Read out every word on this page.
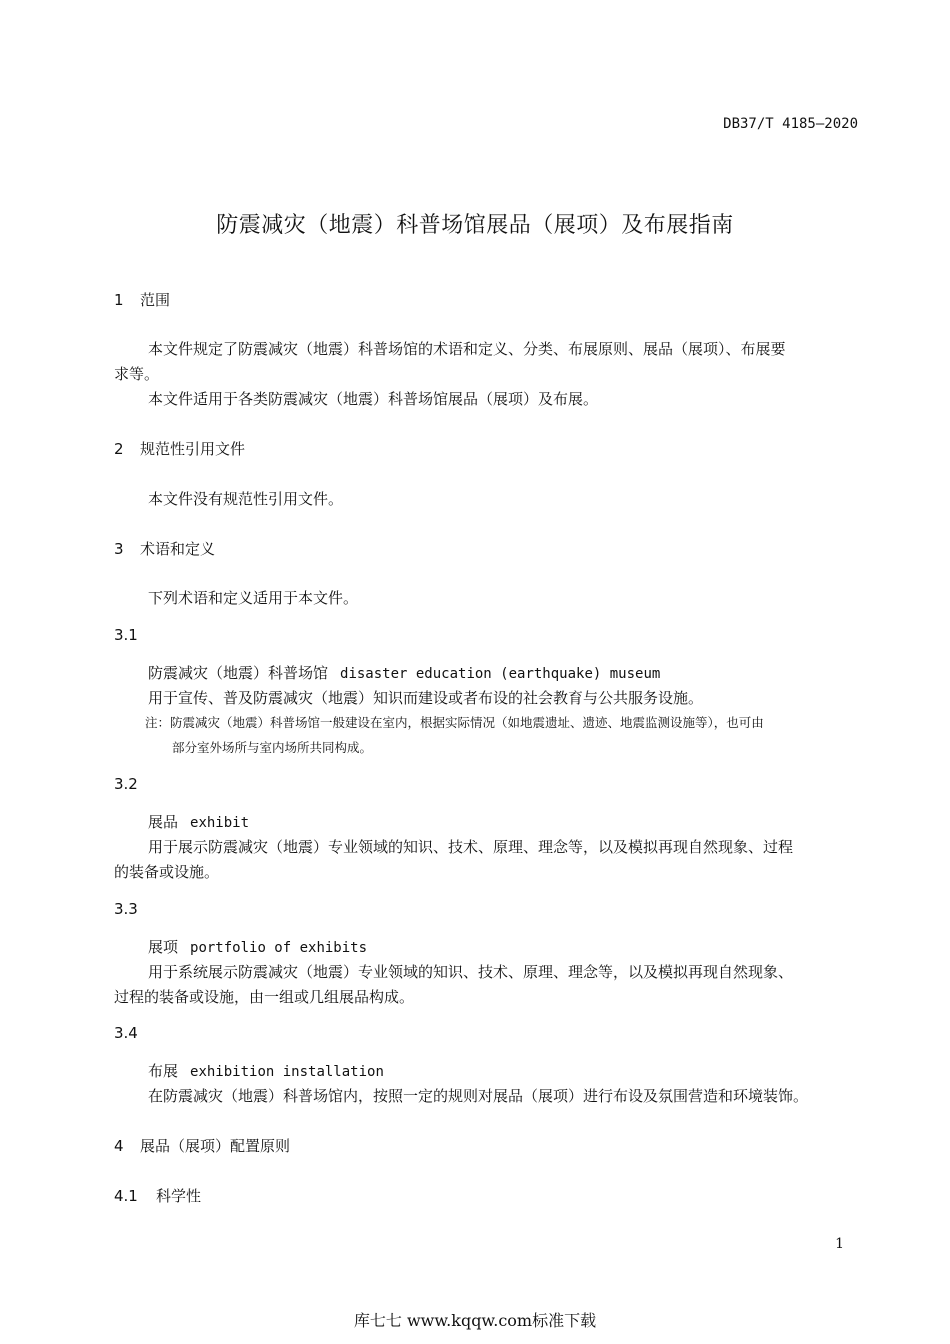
DB37/T 4185—2020
防震减灾（地震）科普场馆展品（展项）及布展指南
1 范围
本文件规定了防震减灾（地震）科普场馆的术语和定义、分类、布展原则、展品（展项）、布展要
求等。
本文件适用于各类防震减灾（地震）科普场馆展品（展项）及布展。
2 规范性引用文件
本文件没有规范性引用文件。
3 术语和定义
下列术语和定义适用于本文件。
3.1
防震减灾（地震）科普场馆 disaster education (earthquake) museum
用于宣传、普及防震减灾（地震）知识而建设或者布设的社会教育与公共服务设施。
注：防震减灾（地震）科普场馆一般建设在室内，根据实际情况（如地震遗址、遗迹、地震监测设施等），也可由
部分室外场所与室内场所共同构成。
3.2
展品 exhibit
用于展示防震减灾（地震）专业领域的知识、技术、原理、理念等，以及模拟再现自然现象、过程
的装备或设施。
3.3
展项 portfolio of exhibits
用于系统展示防震减灾（地震）专业领域的知识、技术、原理、理念等，以及模拟再现自然现象、
过程的装备或设施，由一组或几组展品构成。
3.4
布展 exhibition installation
在防震减灾（地震）科普场馆内，按照一定的规则对展品（展项）进行布设及氛围营造和环境装饰。
4 展品（展项）配置原则
4.1 科学性
1
库七七 www.kqqw.com标准下载
